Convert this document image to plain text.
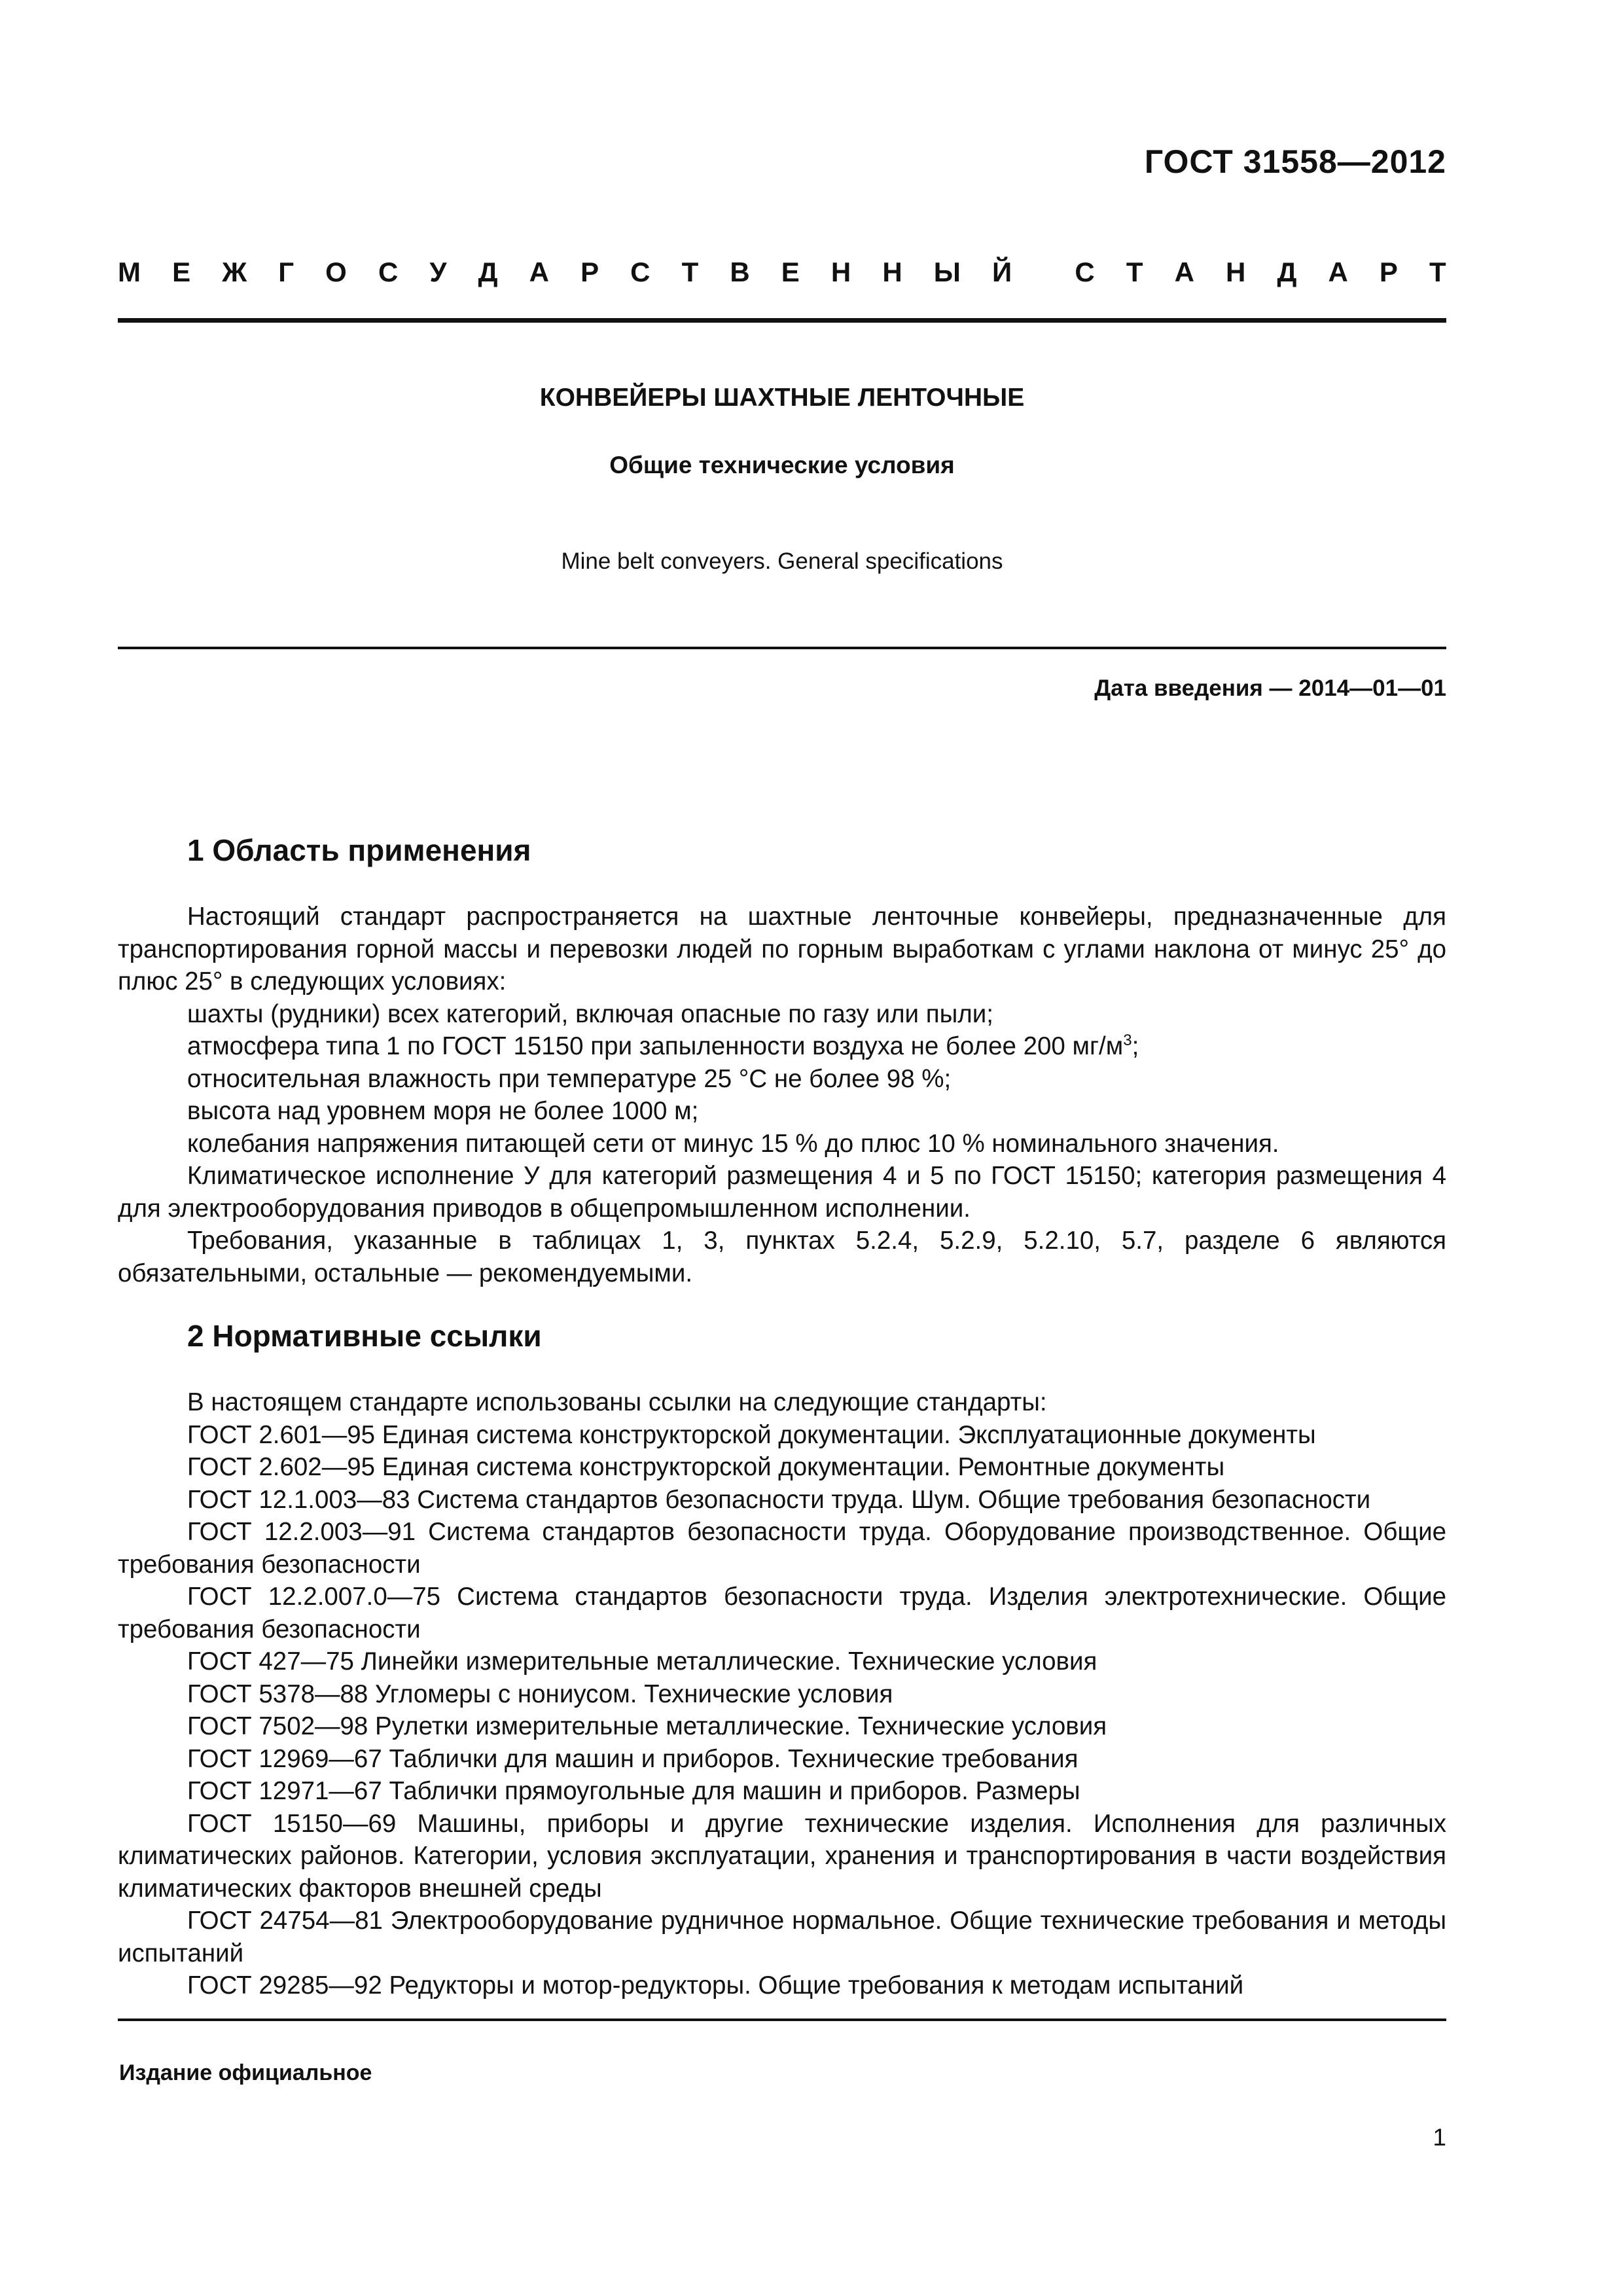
ГОСТ 31558—2012
М Е Ж Г О С У Д А Р С Т В Е Н Н Ы Й С Т А Н Д А Р Т
КОНВЕЙЕРЫ ШАХТНЫЕ ЛЕНТОЧНЫЕ
Общие технические условия
Mine belt conveyers. General specifications
Дата введения — 2014—01—01
1 Область применения

Настоящий стандарт распространяется на шахтные ленточные конвейеры, предназначенные для транспортирования горной массы и перевозки людей по горным выработкам с углами наклона от минус 25° до плюс 25° в следующих условиях:

шахты (рудники) всех категорий, включая опасные по газу или пыли;

атмосфера типа 1 по ГОСТ 15150 при запыленности воздуха не более 200 $мг/м^3$;

относительная влажность при температуре 25 °С не более 98 %;

высота над уровнем моря не более 1000 м;

колебания напряжения питающей сети от минус 15 % до плюс 10 % номинального значения.

Климатическое исполнение У для категорий размещения 4 и 5 по ГОСТ 15150; категория размещения 4 для электрооборудования приводов в общепромышленном исполнении.

Требования, указанные в таблицах 1, 3, пунктах 5.2.4, 5.2.9, 5.2.10, 5.7, разделе 6 являются обязательными, остальные — рекомендуемыми.

2 Нормативные ссылки

В настоящем стандарте использованы ссылки на следующие стандарты:

ГОСТ 2.601—95 Единая система конструкторской документации. Эксплуатационные документы

ГОСТ 2.602—95 Единая система конструкторской документации. Ремонтные документы

ГОСТ 12.1.003—83 Система стандартов безопасности труда. Шум. Общие требования безопасности

ГОСТ 12.2.003—91 Система стандартов безопасности труда. Оборудование производственное. Общие требования безопасности

ГОСТ 12.2.007.0—75 Система стандартов безопасности труда. Изделия электротехнические. Общие требования безопасности

ГОСТ 427—75 Линейки измерительные металлические. Технические условия

ГОСТ 5378—88 Угломеры с нониусом. Технические условия

ГОСТ 7502—98 Рулетки измерительные металлические. Технические условия

ГОСТ 12969—67 Таблички для машин и приборов. Технические требования

ГОСТ 12971—67 Таблички прямоугольные для машин и приборов. Размеры

ГОСТ 15150—69 Машины, приборы и другие технические изделия. Исполнения для различных климатических районов. Категории, условия эксплуатации, хранения и транспортирования в части воздействия климатических факторов внешней среды

ГОСТ 24754—81 Электрооборудование рудничное нормальное. Общие технические требования и методы испытаний

ГОСТ 29285—92 Редукторы и мотор-редукторы. Общие требования к методам испытаний

Издание официальное
1
